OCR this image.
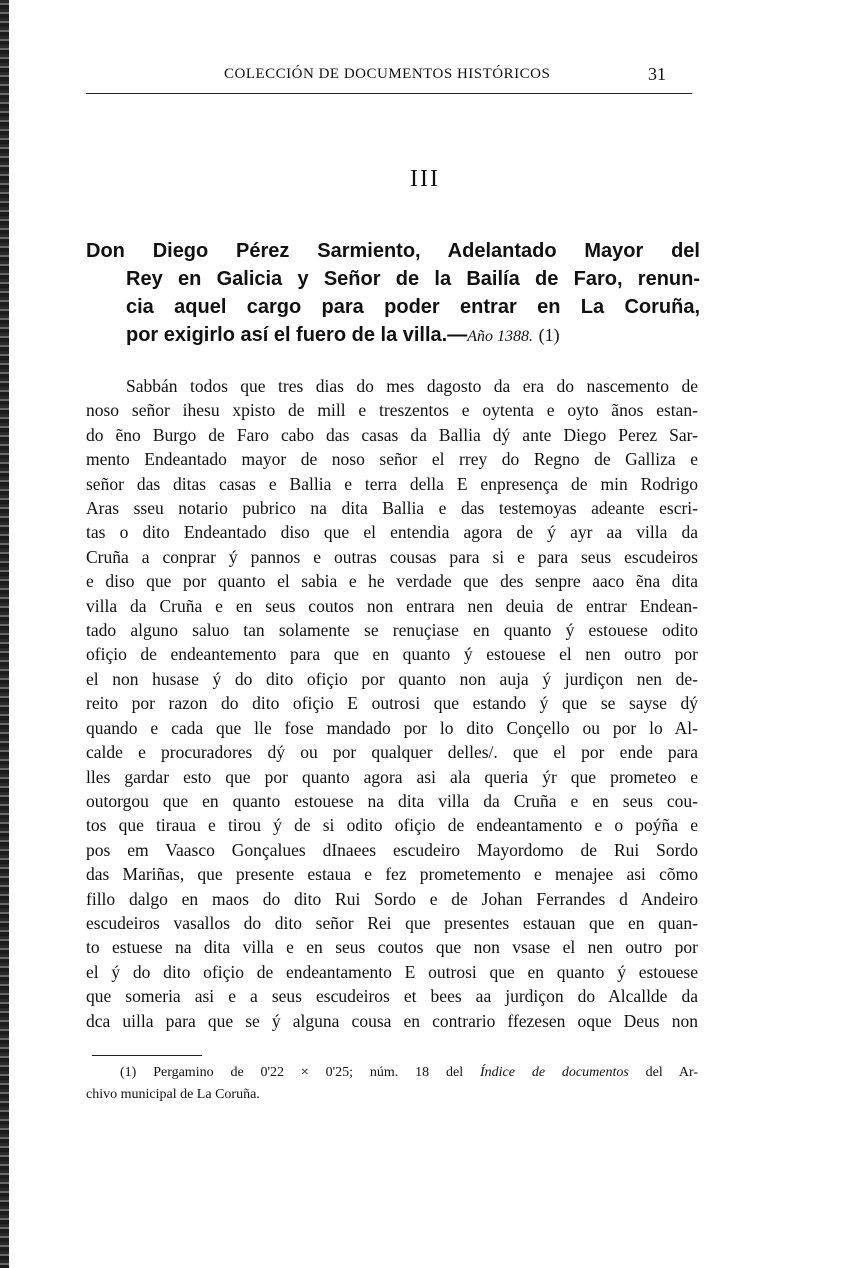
COLECCIÓN DE DOCUMENTOS HISTÓRICOS	31
III
Don Diego Pérez Sarmiento, Adelantado Mayor del
Rey en Galicia y Señor de la Bailía de Faro, renun-
cia aquel cargo para poder entrar en La Coruña,
por exigirlo así el fuero de la villa.—Año 1388. (1)
Sabbán todos que tres dias do mes dagosto da era do nascemento de
noso señor ihesu xpisto de mill e treszentos e oytenta e oyto ãnos estan-
do ẽno Burgo de Faro cabo das casas da Ballia dý ante Diego Perez Sar-
mento Endeantado mayor de noso señor el rrey do Regno de Galliza e
señor das ditas casas e Ballia e terra della E enpresença de min Rodrigo
Aras sseu notario pubrico na dita Ballia e das testemoyas adeante escri-
tas o dito Endeantado diso que el entendia agora de ý ayr aa villa da
Cruña a conprar ý pannos e outras cousas para si e para seus escudeiros
e diso que por quanto el sabia e he verdade que des senpre aaco ẽna dita
villa da Cruña e en seus coutos non entrara nen deuia de entrar Endean-
tado alguno saluo tan solamente se renuçiase en quanto ý estouese odito
ofiçio de endeantemento para que en quanto ý estouese el nen outro por
el non husase ý do dito ofiçio por quanto non auja ý jurdiçon nen de-
reito por razon do dito ofiçio E outrosi que estando ý que se sayse dý
quando e cada que lle fose mandado por lo dito Conçello ou por lo Al-
calde e procuradores dý ou por qualquer delles/. que el por ende para
lles gardar esto que por quanto agora asi ala queria ýr que prometeo e
outorgou que en quanto estouese na dita villa da Cruña e en seus cou-
tos que tiraua e tirou ý de si odito ofiçio de endeantamento e o poýña e
pos em Vaasco Gonçalues dInaees escudeiro Mayordomo de Rui Sordo
das Mariñas, que presente estaua e fez prometemento e menajee asi cõmo
fillo dalgo en maos do dito Rui Sordo e de Johan Ferrandes d Andeiro
escudeiros vasallos do dito señor Rei que presentes estauan que en quan-
to estuese na dita villa e en seus coutos que non vsase el nen outro por
el ý do dito ofiçio de endeantamento E outrosi que en quanto ý estouese
que someria asi e a seus escudeiros et bees aa jurdiçon do Alcallde da
dca uilla para que se ý alguna cousa en contrario ffezesen oque Deus non
(1) Pergamino de 0'22 × 0'25; núm. 18 del Índice de documentos del Ar-
chivo municipal de La Coruña.
